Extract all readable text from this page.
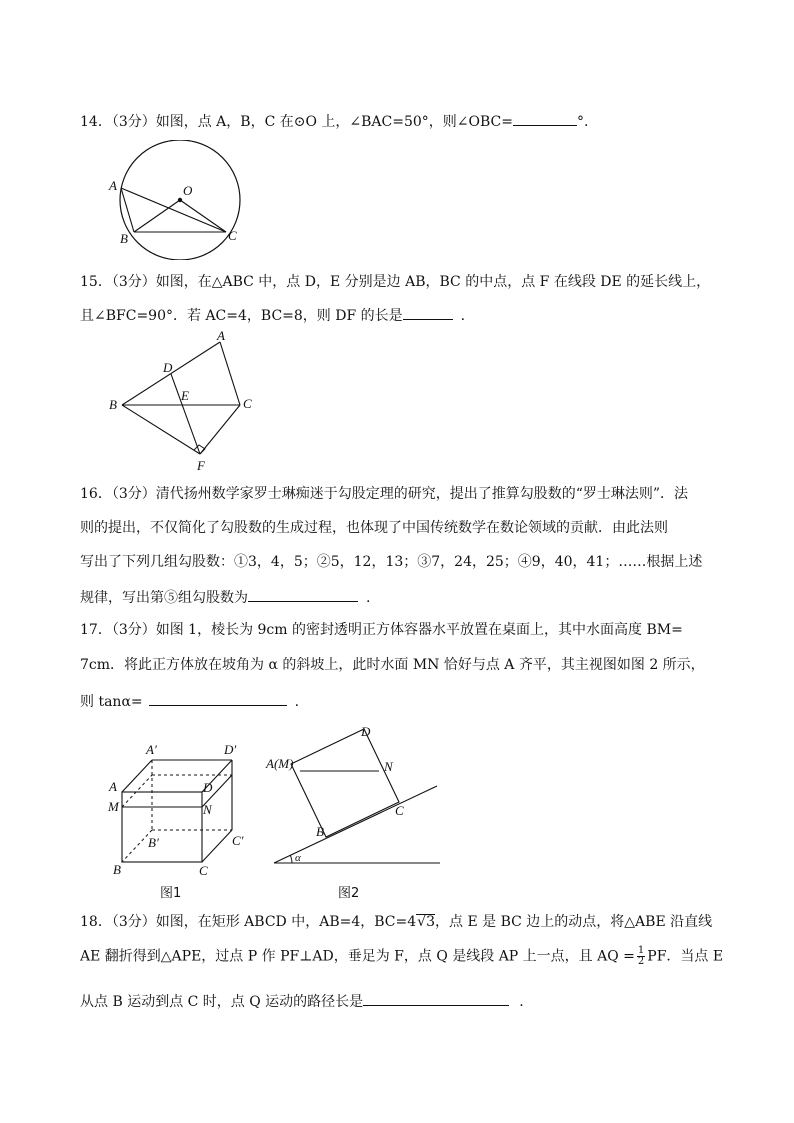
14．（3分）如图，点 A，B，C 在⊙O 上，∠BAC=50°，则∠OBC=	°.
A
B	C
O
15．（3分）如图，在△ABC 中，点 D，E 分别是边 AB，BC 的中点，点 F 在线段 DE 的延长线上，
且∠BFC=90°．若 AC=4，BC=8，则 DF 的长是	.
A
B	C
D
E
F
16．（3分）清代扬州数学家罗士琳痴迷于勾股定理的研究，提出了推算勾股数的“罗士琳法则”．法
则的提出，不仅简化了勾股数的生成过程，也体现了中国传统数学在数论领域的贡献．由此法则
写出了下列几组勾股数：①3，4，5；②5，12，13；③7，24，25；④9，40，41；……根据上述
规律，写出第⑤组勾股数为	.
17．（3分）如图 1，棱长为 9cm 的密封透明正方体容器水平放置在桌面上，其中水面高度 BM=
7cm．将此正方体放在坡角为 α 的斜坡上，此时水面 MN 恰好与点 A 齐平，其主视图如图 2 所示，
则 tanα=	.
A′	D′
A
M
D
N
B′	C′
B	C
图1
A(M)
D
N
C
B
α
图2
18．（3分）如图，在矩形 ABCD 中，AB=4，BC=4√3，点 E 是 BC 边上的动点，将△ABE 沿直线
AE 翻折得到△APE，过点 P 作 PF⊥AD，垂足为 F，点 Q 是线段 AP 上一点，且 AQ = $\frac{1}{2}$ PF．当点 E
从点 B 运动到点 C 时，点 Q 运动的路径长是	.
